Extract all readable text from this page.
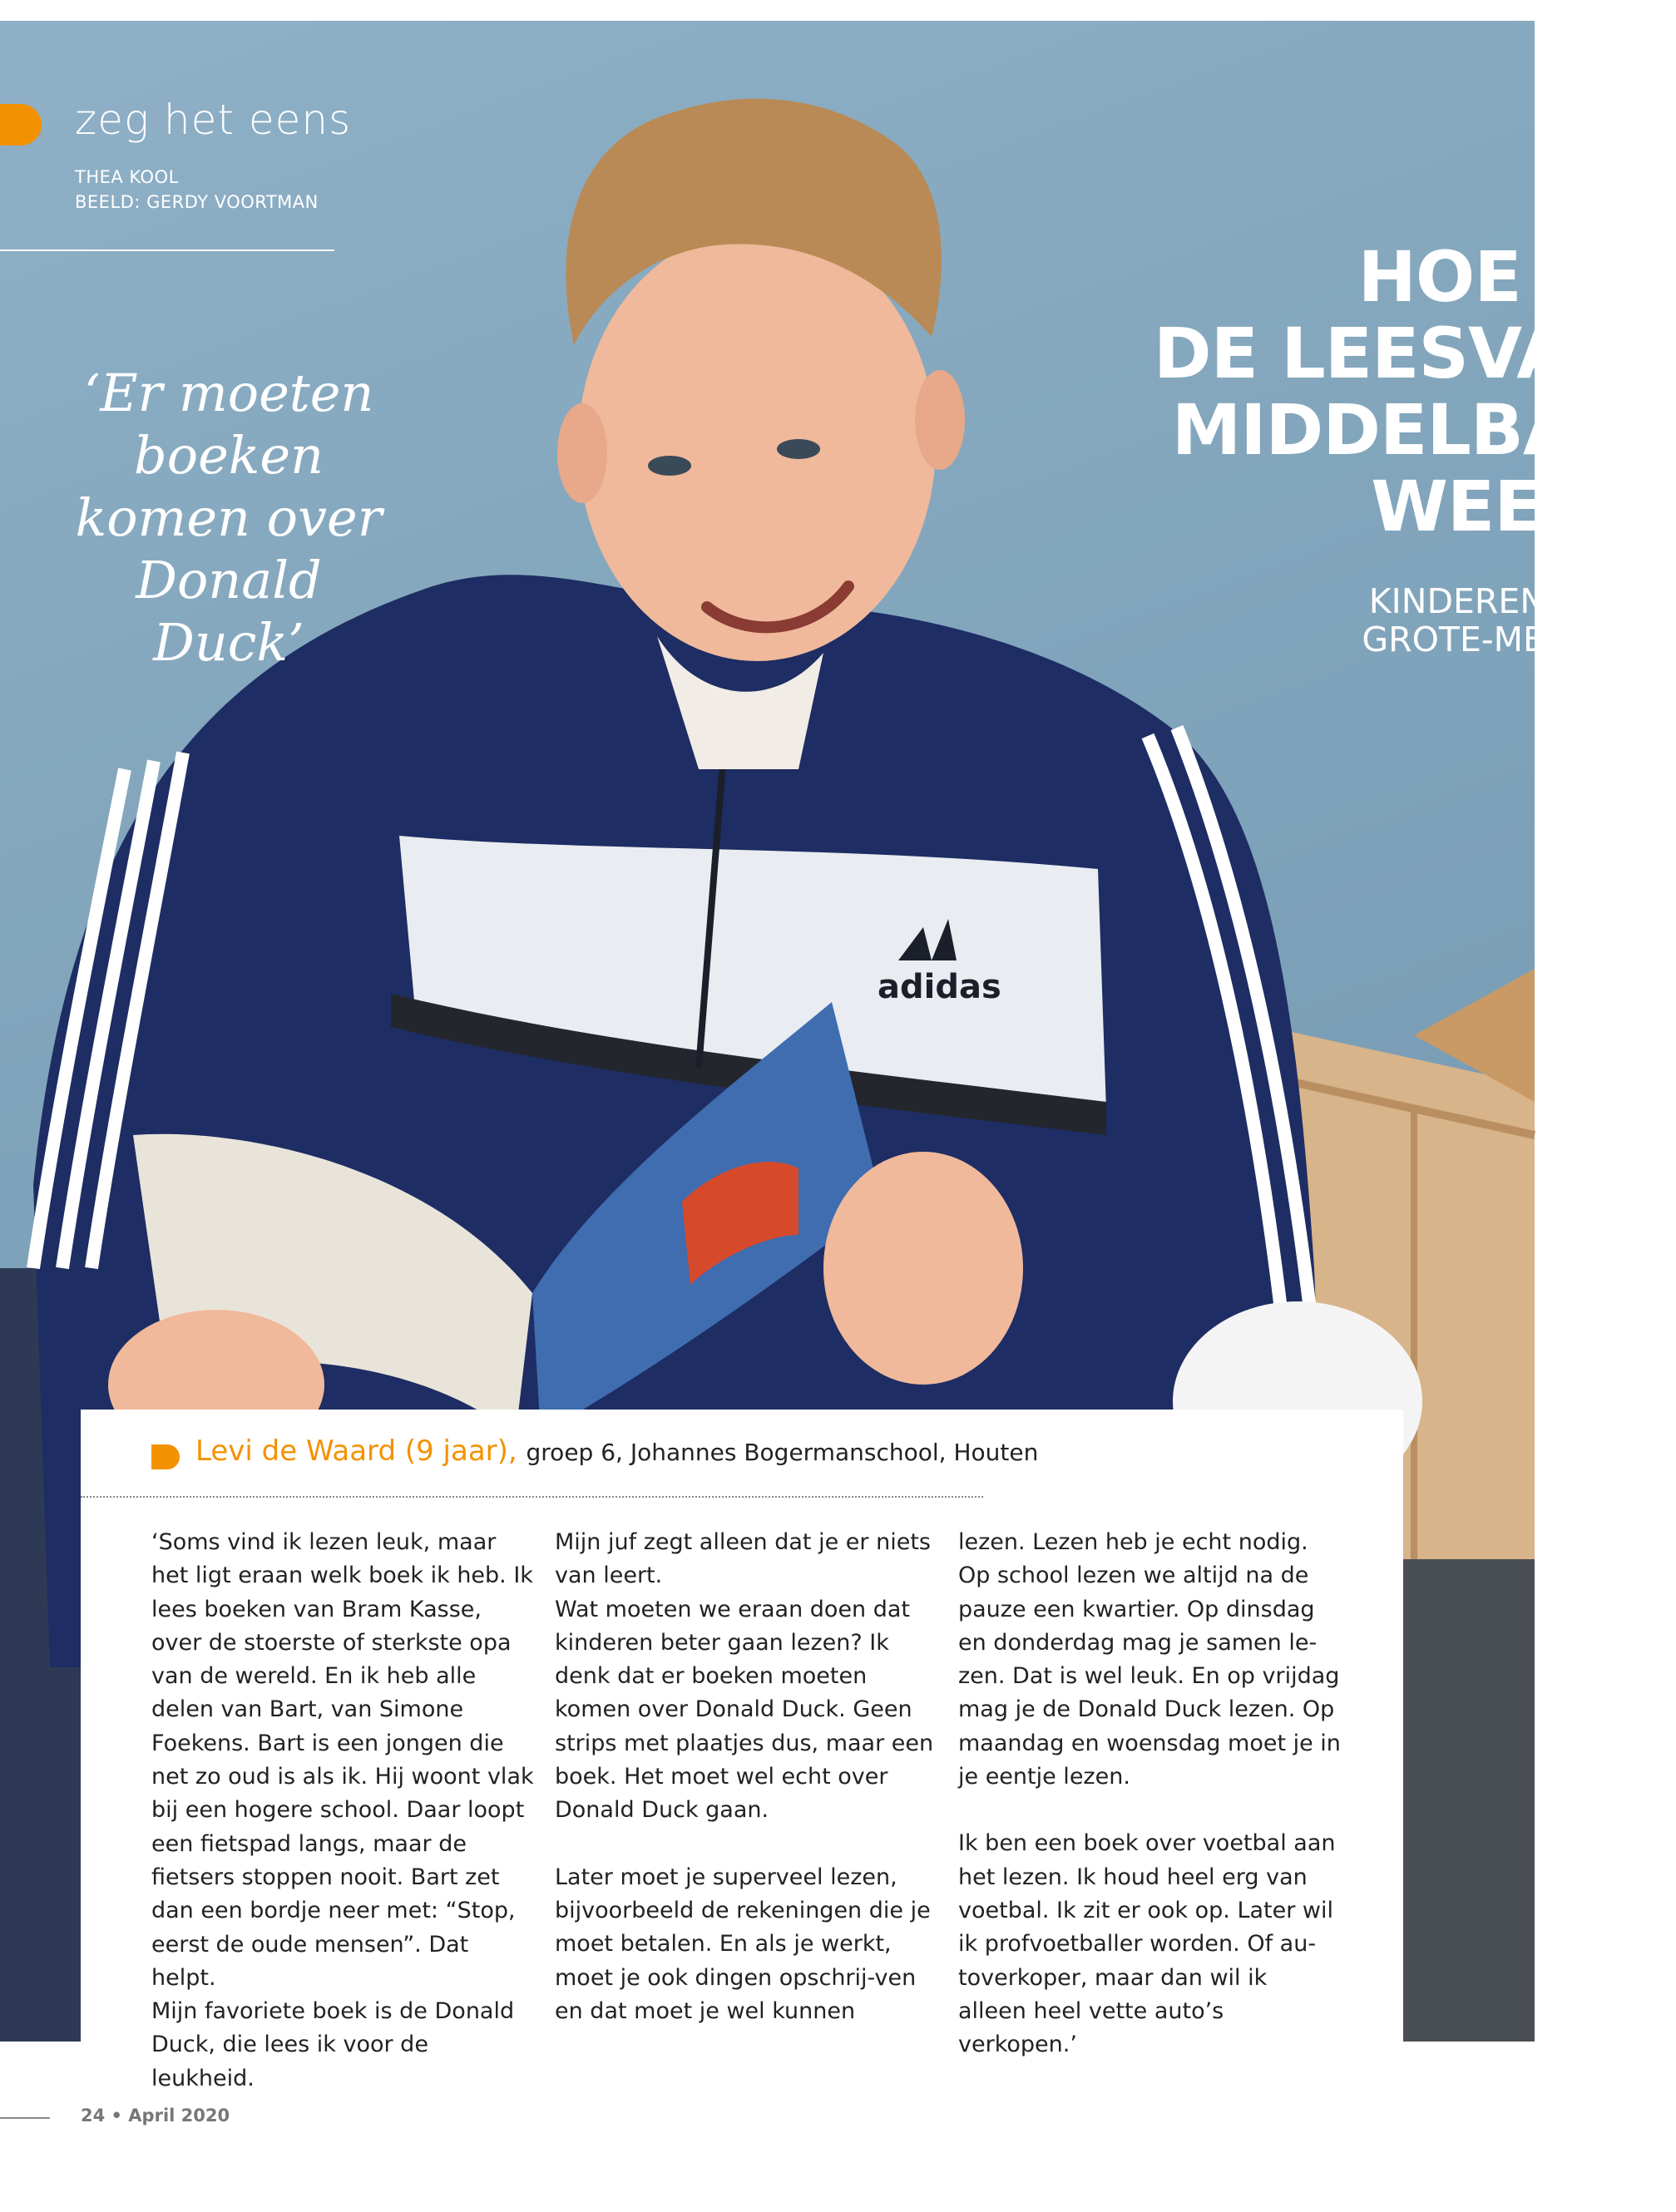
adidas
zeg het eens
THEA KOOL
BEELD: GERDY VOORTMAN
‘Er moeten
boeken
komen over
Donald
Duck’
HOE KRI
DE LEESVAAR
MIDDELBARE
WEER O
KINDEREN EN JO
GROTE-MENSEN-
Levi de Waard (9 jaar), groep 6, Johannes Bogermanschool, Houten

‘Soms vind ik lezen leuk, maar het ligt eraan welk boek ik heb. Ik lees boeken van Bram Kasse, over de stoerste of sterkste opa van de wereld. En ik heb alle delen van Bart, van Simone Foekens. Bart is een jongen die net zo oud is als ik. Hij woont vlak bij een hogere school. Daar loopt een fietspad langs, maar de fietsers stoppen nooit. Bart zet dan een bordje neer met: “Stop, eerst de oude mensen”. Dat helpt.

Mijn favoriete boek is de Donald Duck, die lees ik voor de leukheid.

Mijn juf zegt alleen dat je er niets van leert.

Wat moeten we eraan doen dat kinderen beter gaan lezen? Ik denk dat er boeken moeten komen over Donald Duck. Geen strips met plaatjes dus, maar een boek. Het moet wel echt over Donald Duck gaan.

Later moet je superveel lezen, bijvoorbeeld de rekeningen die je moet betalen. En als je werkt, moet je ook dingen opschrij-ven en dat moet je wel kunnen

lezen. Lezen heb je echt nodig. Op school lezen we altijd na de pauze een kwartier. Op dinsdag en donderdag mag je samen le-zen. Dat is wel leuk. En op vrijdag mag je de Donald Duck lezen. Op maandag en woensdag moet je in je eentje lezen.

Ik ben een boek over voetbal aan het lezen. Ik houd heel erg van voetbal. Ik zit er ook op. Later wil ik profvoetballer worden. Of au-toverkoper, maar dan wil ik alleen heel vette auto’s verkopen.’

24 • April 2020
